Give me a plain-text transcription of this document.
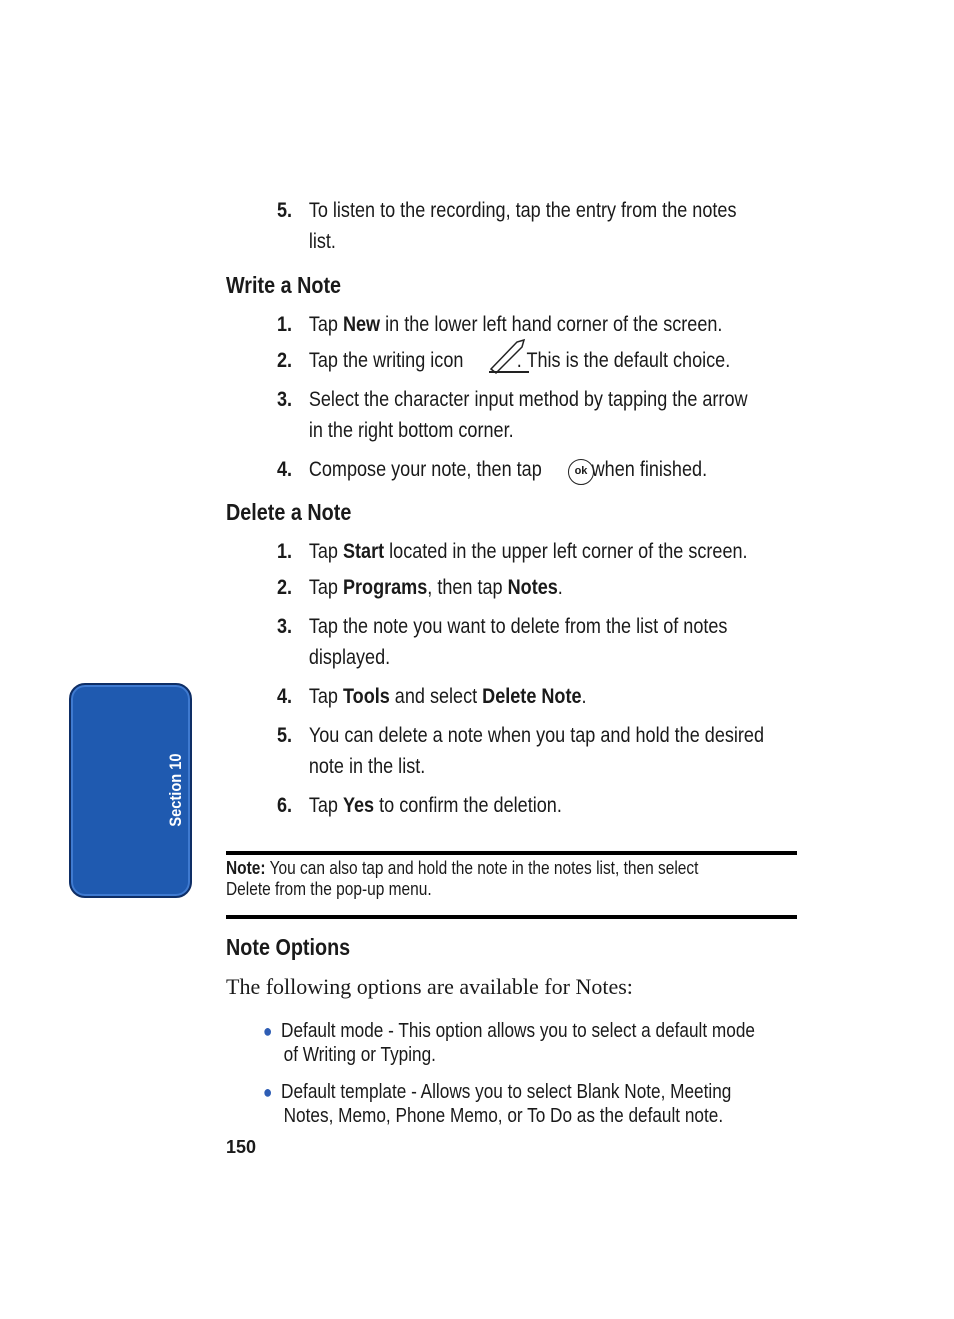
Section 10
5. To listen to the recording, tap the entry from the notes
list.
Write a Note
1. Tap New in the lower left hand corner of the screen.
2. Tap the writing icon	. This is the default choice.
3. Select the character input method by tapping the arrow
in the right bottom corner.
4. Compose your note, then tap when finished.
ok
Delete a Note
1. Tap Start located in the upper left corner of the screen.
2. Tap Programs, then tap Notes.
3. Tap the note you want to delete from the list of notes
displayed.
4. Tap Tools and select Delete Note.
5. You can delete a note when you tap and hold the desired
note in the list.
6. Tap Yes to confirm the deletion.
Note: You can also tap and hold the note in the notes list, then select
Delete from the pop-up menu.
Note Options
The following options are available for Notes:
● Default mode - This option allows you to select a default mode
of Writing or Typing.
● Default template - Allows you to select Blank Note, Meeting
Notes, Memo, Phone Memo, or To Do as the default note.
150
